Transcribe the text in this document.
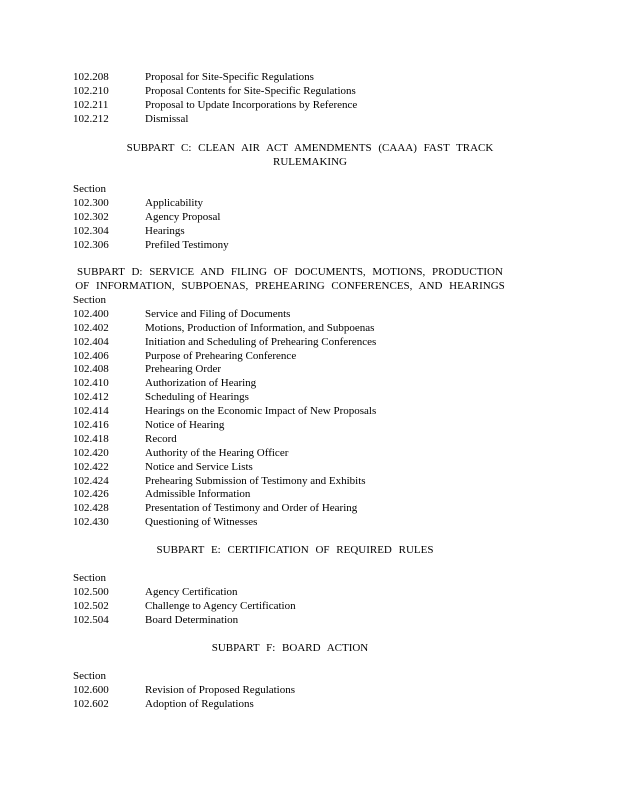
102.208	Proposal for Site-Specific Regulations
102.210	Proposal Contents for Site-Specific Regulations
102.211	Proposal to Update Incorporations by Reference
102.212	Dismissal
SUBPART C: CLEAN AIR ACT AMENDMENTS (CAAA) FAST TRACK
RULEMAKING
Section
102.300	Applicability
102.302	Agency Proposal
102.304	Hearings
102.306	Prefiled Testimony
SUBPART D: SERVICE AND FILING OF DOCUMENTS, MOTIONS, PRODUCTION
OF INFORMATION, SUBPOENAS, PREHEARING CONFERENCES, AND HEARINGS
Section
102.400	Service and Filing of Documents
102.402	Motions, Production of Information, and Subpoenas
102.404	Initiation and Scheduling of Prehearing Conferences
102.406	Purpose of Prehearing Conference
102.408	Prehearing Order
102.410	Authorization of Hearing
102.412	Scheduling of Hearings
102.414	Hearings on the Economic Impact of New Proposals
102.416	Notice of Hearing
102.418	Record
102.420	Authority of the Hearing Officer
102.422	Notice and Service Lists
102.424	Prehearing Submission of Testimony and Exhibits
102.426	Admissible Information
102.428	Presentation of Testimony and Order of Hearing
102.430	Questioning of Witnesses
SUBPART E: CERTIFICATION OF REQUIRED RULES
Section
102.500	Agency Certification
102.502	Challenge to Agency Certification
102.504	Board Determination
SUBPART F: BOARD ACTION
Section
102.600	Revision of Proposed Regulations
102.602	Adoption of Regulations
